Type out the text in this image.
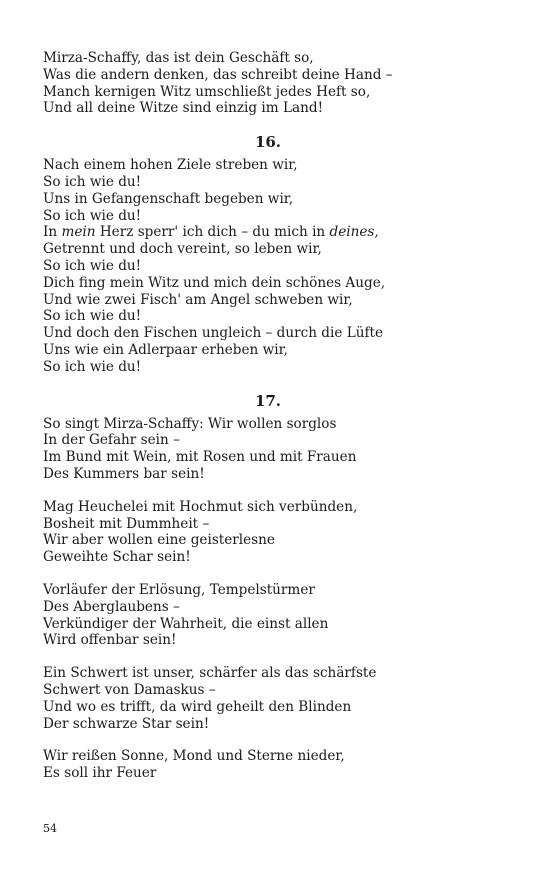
Mirza-Schaffy, das ist dein Geschäft so,
Was die andern denken, das schreibt deine Hand –
Manch kernigen Witz umschließt jedes Heft so,
Und all deine Witze sind einzig im Land!
16.
Nach einem hohen Ziele streben wir,
So ich wie du!
Uns in Gefangenschaft begeben wir,
So ich wie du!
In mein Herz sperr' ich dich – du mich in deines,
Getrennt und doch vereint, so leben wir,
So ich wie du!
Dich fing mein Witz und mich dein schönes Auge,
Und wie zwei Fisch' am Angel schweben wir,
So ich wie du!
Und doch den Fischen ungleich – durch die Lüfte
Uns wie ein Adlerpaar erheben wir,
So ich wie du!
17.
So singt Mirza-Schaffy: Wir wollen sorglos
In der Gefahr sein –
Im Bund mit Wein, mit Rosen und mit Frauen
Des Kummers bar sein!
Mag Heuchelei mit Hochmut sich verbünden,
Bosheit mit Dummheit –
Wir aber wollen eine geisterlesne
Geweihte Schar sein!
Vorläufer der Erlösung, Tempelstürmer
Des Aberglaubens –
Verkündiger der Wahrheit, die einst allen
Wird offenbar sein!
Ein Schwert ist unser, schärfer als das schärfste
Schwert von Damaskus –
Und wo es trifft, da wird geheilt den Blinden
Der schwarze Star sein!
Wir reißen Sonne, Mond und Sterne nieder,
Es soll ihr Feuer
54
